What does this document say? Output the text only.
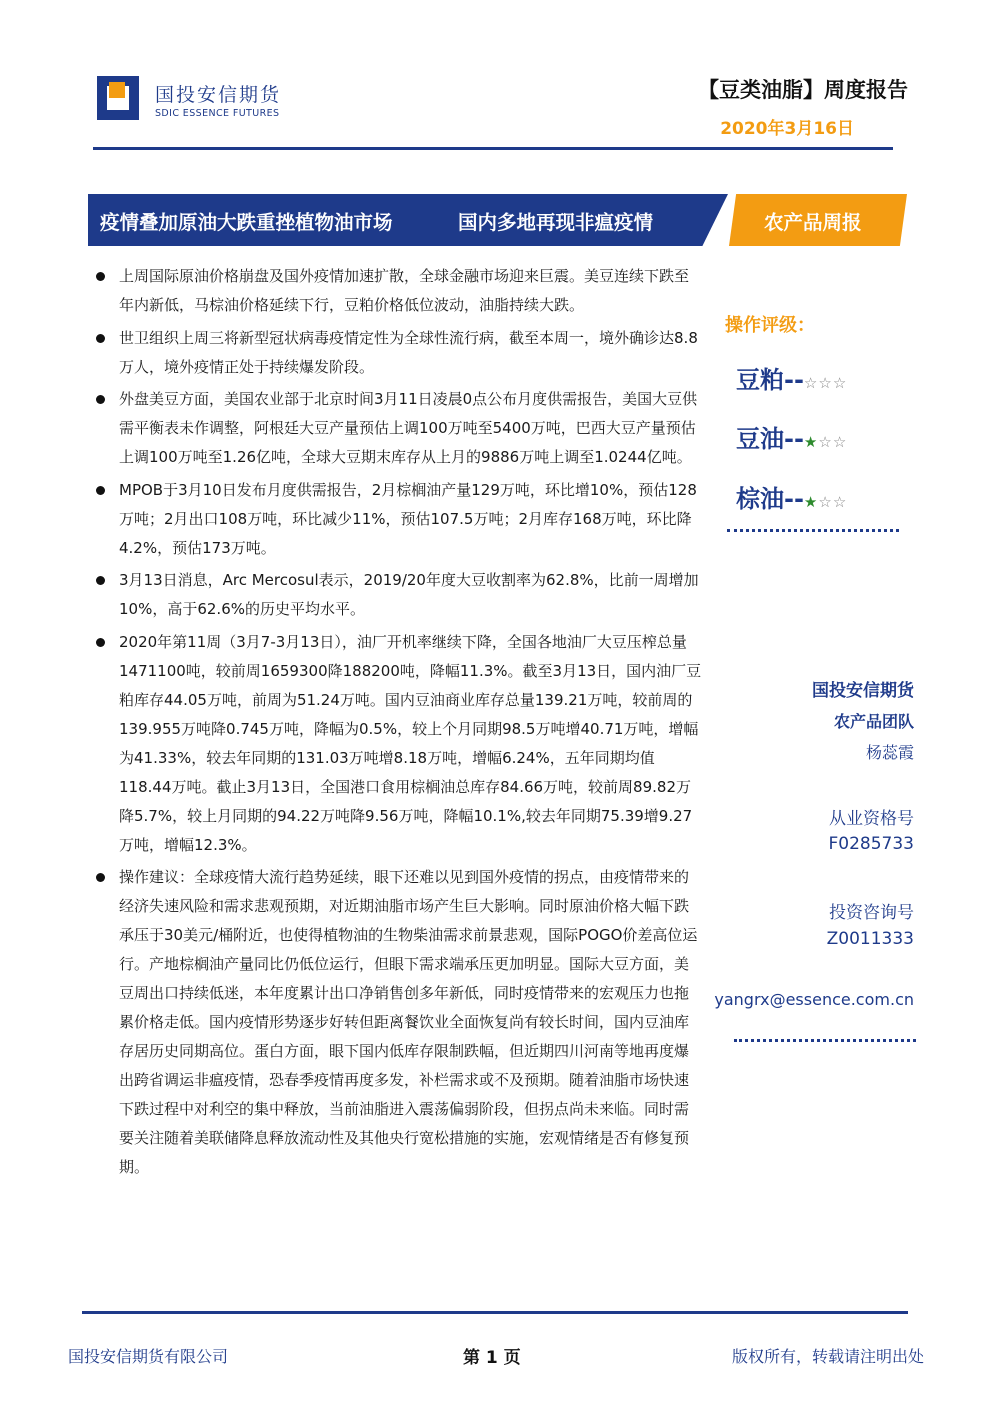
国投安信期货
SDIC ESSENCE FUTURES
【豆类油脂】周度报告
2020年3月16日
疫情叠加原油大跌重挫植物油市场	国内多地再现非瘟疫情	农产品周报
上周国际原油价格崩盘及国外疫情加速扩散，全球金融市场迎来巨震。美豆连续下跌至年内新低，马棕油价格延续下行，豆粕价格低位波动，油脂持续大跌。
世卫组织上周三将新型冠状病毒疫情定性为全球性流行病，截至本周一，境外确诊达8.8万人，境外疫情正处于持续爆发阶段。
外盘美豆方面，美国农业部于北京时间3月11日凌晨0点公布月度供需报告，美国大豆供需平衡表未作调整，阿根廷大豆产量预估上调100万吨至5400万吨，巴西大豆产量预估上调100万吨至1.26亿吨，全球大豆期末库存从上月的9886万吨上调至1.0244亿吨。
MPOB于3月10日发布月度供需报告，2月棕榈油产量129万吨，环比增10%，预估128万吨；2月出口108万吨，环比减少11%，预估107.5万吨；2月库存168万吨，环比降4.2%，预估173万吨。
3月13日消息，Arc Mercosul表示，2019/20年度大豆收割率为62.8%，比前一周增加10%，高于62.6%的历史平均水平。
2020年第11周（3月7-3月13日），油厂开机率继续下降，全国各地油厂大豆压榨总量1471100吨，较前周1659300降188200吨，降幅11.3%。截至3月13日，国内油厂豆粕库存44.05万吨，前周为51.24万吨。国内豆油商业库存总量139.21万吨，较前周的139.955万吨降0.745万吨，降幅为0.5%，较上个月同期98.5万吨增40.71万吨，增幅为41.33%，较去年同期的131.03万吨增8.18万吨，增幅6.24%，五年同期均值118.44万吨。截止3月13日，全国港口食用棕榈油总库存84.66万吨，较前周89.82万降5.7%，较上月同期的94.22万吨降9.56万吨，降幅10.1%,较去年同期75.39增9.27万吨，增幅12.3%。
操作建议：全球疫情大流行趋势延续，眼下还难以见到国外疫情的拐点，由疫情带来的经济失速风险和需求悲观预期，对近期油脂市场产生巨大影响。同时原油价格大幅下跌承压于30美元/桶附近，也使得植物油的生物柴油需求前景悲观，国际POGO价差高位运行。产地棕榈油产量同比仍低位运行，但眼下需求端承压更加明显。国际大豆方面，美豆周出口持续低迷，本年度累计出口净销售创多年新低，同时疫情带来的宏观压力也拖累价格走低。国内疫情形势逐步好转但距离餐饮业全面恢复尚有较长时间，国内豆油库存居历史同期高位。蛋白方面，眼下国内低库存限制跌幅，但近期四川河南等地再度爆出跨省调运非瘟疫情，恐春季疫情再度多发，补栏需求或不及预期。随着油脂市场快速下跌过程中对利空的集中释放，当前油脂进入震荡偏弱阶段，但拐点尚未来临。同时需要关注随着美联储降息释放流动性及其他央行宽松措施的实施，宏观情绪是否有修复预期。
操作评级：
豆粕--☆☆☆
豆油--★☆☆
棕油--★☆☆
国投安信期货
农产品团队
杨蕊霞
从业资格号
F0285733
投资咨询号
Z0011333
yangrx@essence.com.cn
国投安信期货有限公司	第 1 页	版权所有，转载请注明出处
